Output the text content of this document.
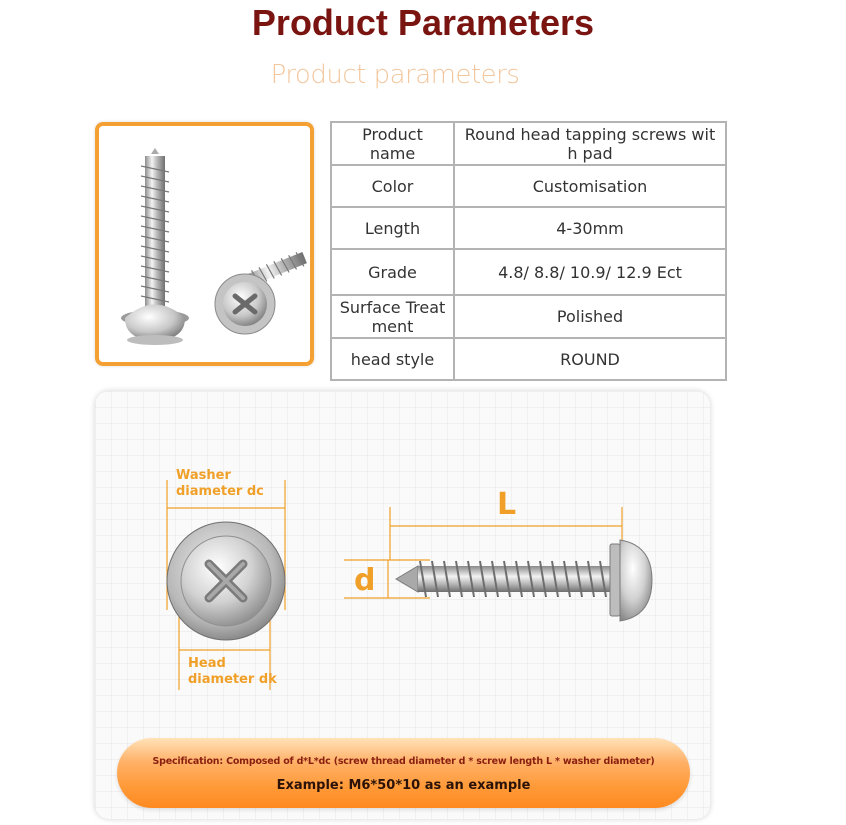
Product Parameters
Product parameters
Product name	Round head tapping screws wit h pad
Color	Customisation
Length	4-30mm
Grade	4.8/ 8.8/ 10.9/ 12.9 Ect
Surface Treat ment	Polished
head style	ROUND
Washer
diameter dc
Head
diameter dk
L
d
Specification: Composed of d*L*dc (screw thread diameter d * screw length L * washer diameter)
Example: M6*50*10 as an example
